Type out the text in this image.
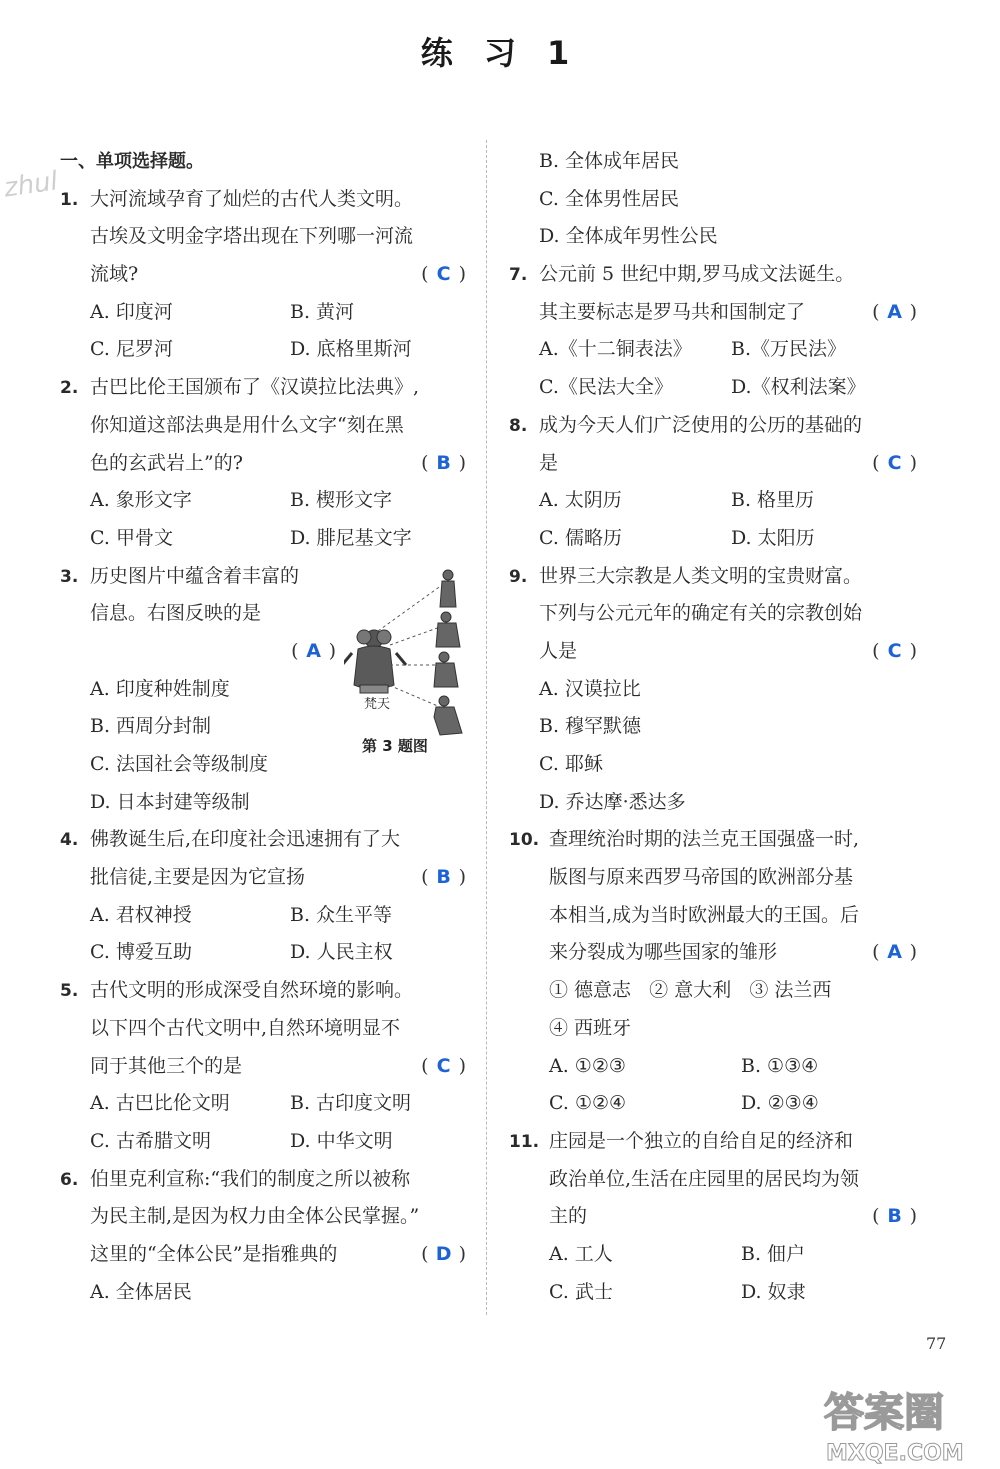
练 习 1
zhul
一、单项选择题。
1. 大河流域孕育了灿烂的古代人类文明。
古埃及文明金字塔出现在下列哪一河流
流域?	( C )
A. 印度河	B. 黄河
C. 尼罗河	D. 底格里斯河
2. 古巴比伦王国颁布了《汉谟拉比法典》,
你知道这部法典是用什么文字“刻在黑
色的玄武岩上”的?	( B )
A. 象形文字	B. 楔形文字
C. 甲骨文	D. 腓尼基文字
3. 历史图片中蕴含着丰富的
信息。右图反映的是
( A )
A. 印度种姓制度
B. 西周分封制
C. 法国社会等级制度
D. 日本封建等级制
4. 佛教诞生后,在印度社会迅速拥有了大
批信徒,主要是因为它宣扬	( B )
A. 君权神授	B. 众生平等
C. 博爱互助	D. 人民主权
5. 古代文明的形成深受自然环境的影响。
以下四个古代文明中,自然环境明显不
同于其他三个的是	( C )
A. 古巴比伦文明	B. 古印度文明
C. 古希腊文明	D. 中华文明
6. 伯里克利宣称:“我们的制度之所以被称
为民主制,是因为权力由全体公民掌握。”
这里的“全体公民”是指雅典的	( D )
A. 全体居民
梵天
第 3 题图
B. 全体成年居民
C. 全体男性居民
D. 全体成年男性公民
7. 公元前 5 世纪中期,罗马成文法诞生。
其主要标志是罗马共和国制定了	( A )
A.《十二铜表法》 B.《万民法》
C.《民法大全》	D.《权利法案》
8. 成为今天人们广泛使用的公历的基础的
是	( C )
A. 太阴历	B. 格里历
C. 儒略历	D. 太阳历
9. 世界三大宗教是人类文明的宝贵财富。
下列与公元元年的确定有关的宗教创始
人是	( C )
A. 汉谟拉比
B. 穆罕默德
C. 耶稣
D. 乔达摩·悉达多
10. 查理统治时期的法兰克王国强盛一时,
版图与原来西罗马帝国的欧洲部分基
本相当,成为当时欧洲最大的王国。后
来分裂成为哪些国家的雏形	( A )
① 德意志   ② 意大利   ③ 法兰西
④ 西班牙
A. ①②③	B. ①③④
C. ①②④	D. ②③④
11. 庄园是一个独立的自给自足的经济和
政治单位,生活在庄园里的居民均为领
主的	( B )
A. 工人	B. 佃户
C. 武士	D. 奴隶
77
答案圈
MXQE.COM
